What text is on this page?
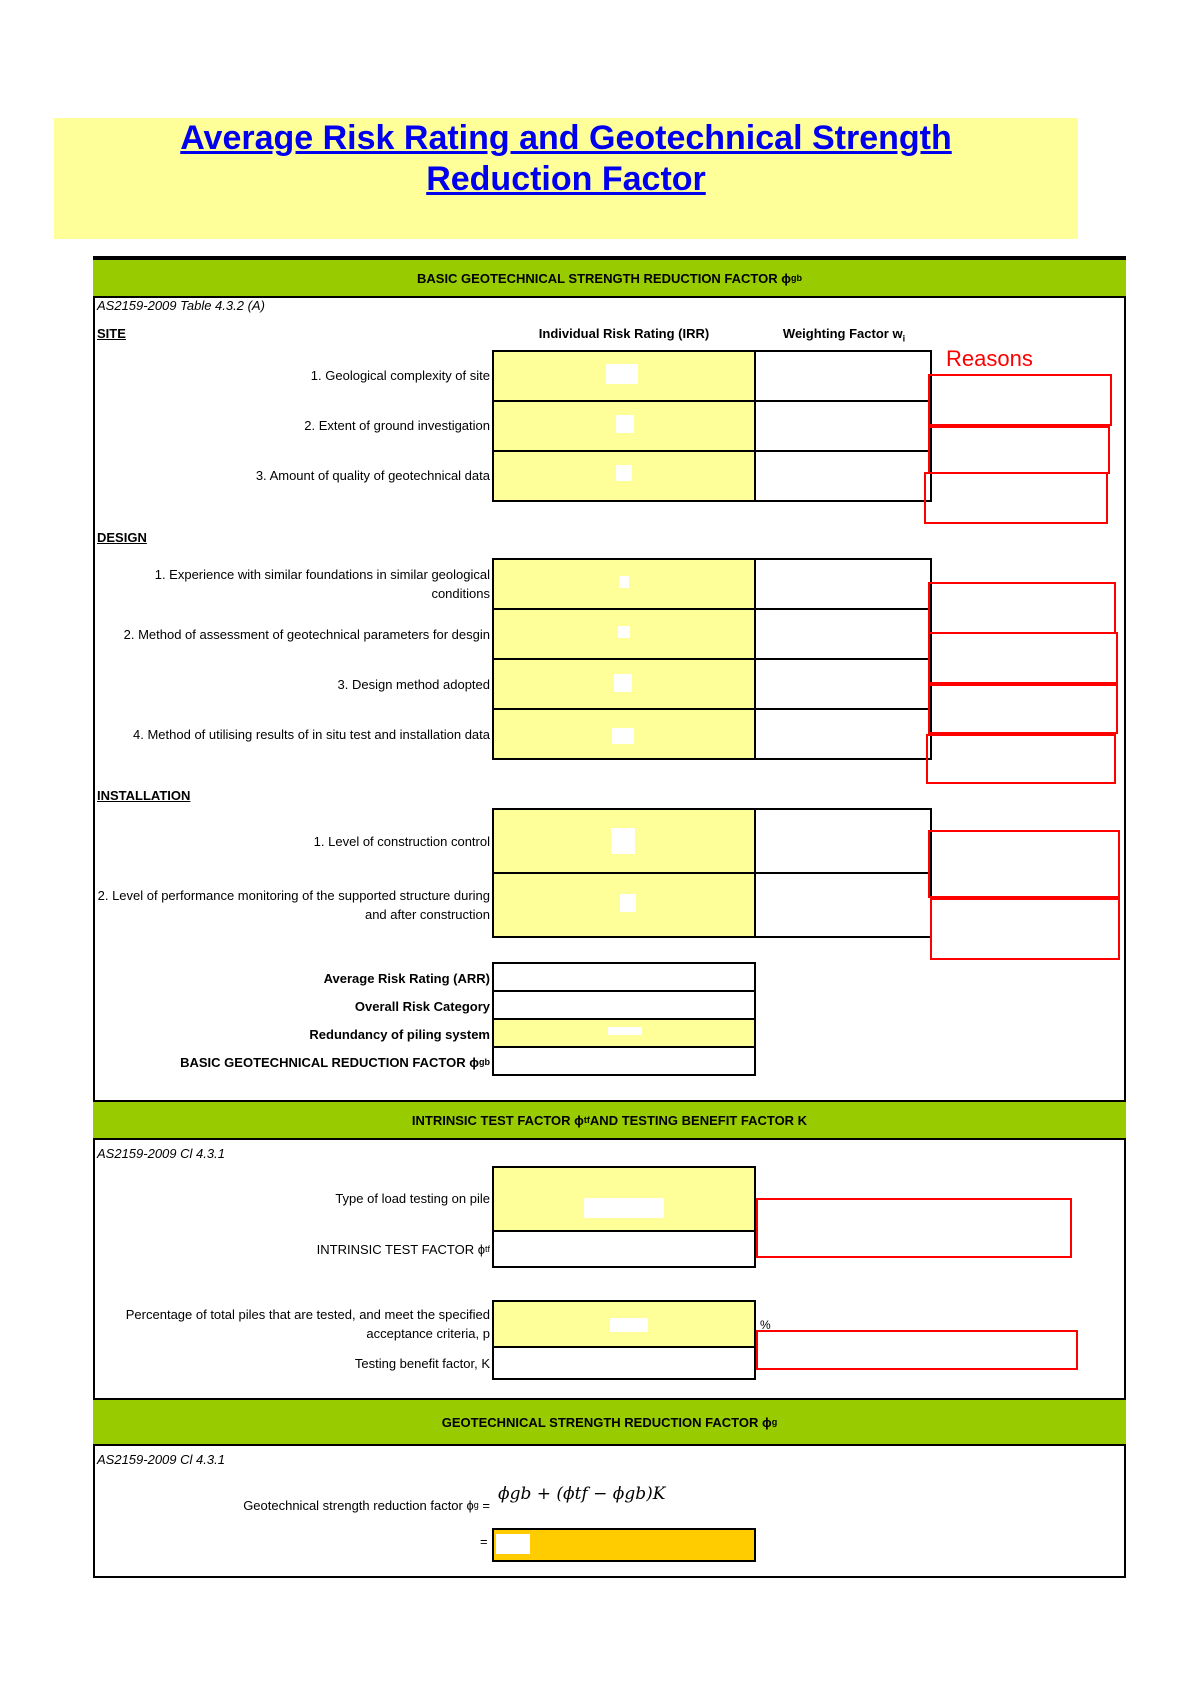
Average Risk Rating and Geotechnical Strength
Reduction Factor
BASIC GEOTECHNICAL STRENGTH REDUCTION FACTOR ϕ gb
AS2159-2009 Table 4.3.2 (A)
SITE	Individual Risk Rating (IRR)	Weighting Factor $w_i$
Reasons
1. Geological complexity of site
2. Extent of ground investigation
3. Amount of quality of geotechnical data
DESIGN
1. Experience with similar foundations in similar geological conditions
2. Method of assessment of geotechnical parameters for desgin
3. Design method adopted
4. Method of utilising results of in situ test and installation data
INSTALLATION
1. Level of construction control
2. Level of performance monitoring of the supported structure during and after construction
Average Risk Rating (ARR)
Overall Risk Category
Redundancy of piling system
BASIC GEOTECHNICAL REDUCTION FACTOR ϕ gb
INTRINSIC TEST FACTOR ϕ tf AND TESTING BENEFIT FACTOR K
AS2159-2009 Cl 4.3.1
Type of load testing on pile
INTRINSIC TEST FACTOR ϕ tf
Percentage of total piles that are tested, and meet the specified acceptance criteria, p
Testing benefit factor, K
%
GEOTECHNICAL STRENGTH REDUCTION FACTOR ϕ g
AS2159-2009 Cl 4.3.1
Geotechnical strength reduction factor ϕ g
=
ϕgb + (ϕtf − ϕgb)K
=
